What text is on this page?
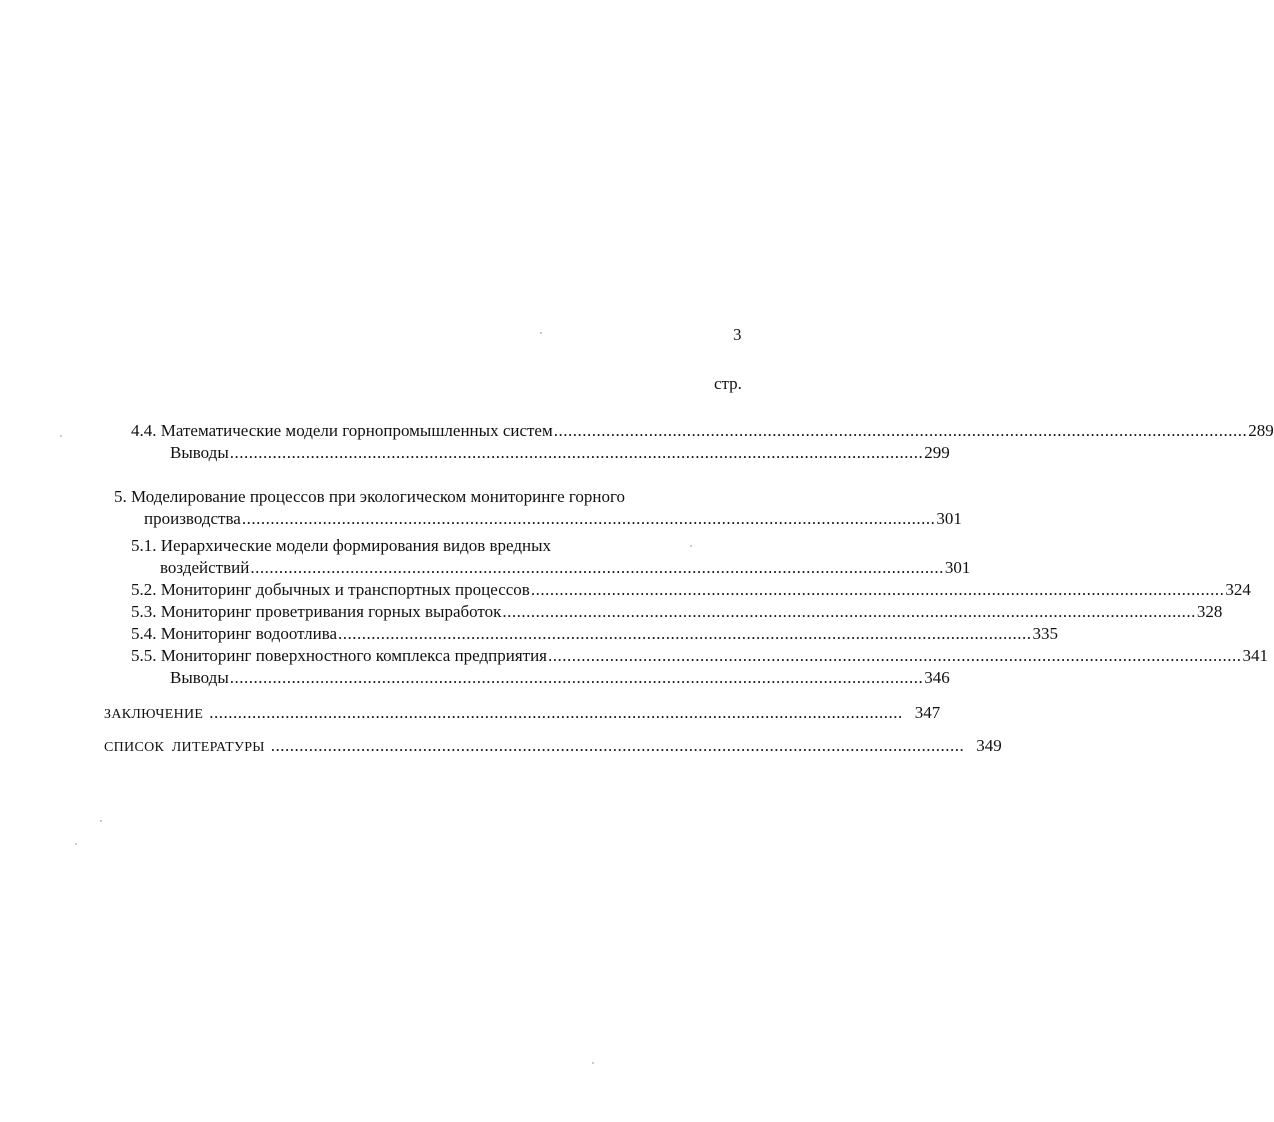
3
стр.
4.4. Математические модели горнопромышленных систем .................................................................................................................................................. 289
Выводы .................................................................................................................................................. 299
5. Моделирование процессов при экологическом мониторинге горного
производства .................................................................................................................................................. 301
5.1. Иерархические модели формирования видов вредных
воздействий .................................................................................................................................................. 301
5.2. Мониторинг добычных и транспортных процессов .................................................................................................................................................. 324
5.3. Мониторинг проветривания горных выработок .................................................................................................................................................. 328
5.4. Мониторинг водоотлива .................................................................................................................................................. 335
5.5. Мониторинг поверхностного комплекса предприятия .................................................................................................................................................. 341
Выводы .................................................................................................................................................. 346
ЗАКЛЮЧЕНИЕ .................................................................................................................................................. 347
СПИСОК  ЛИТЕРАТУРЫ .................................................................................................................................................. 349
